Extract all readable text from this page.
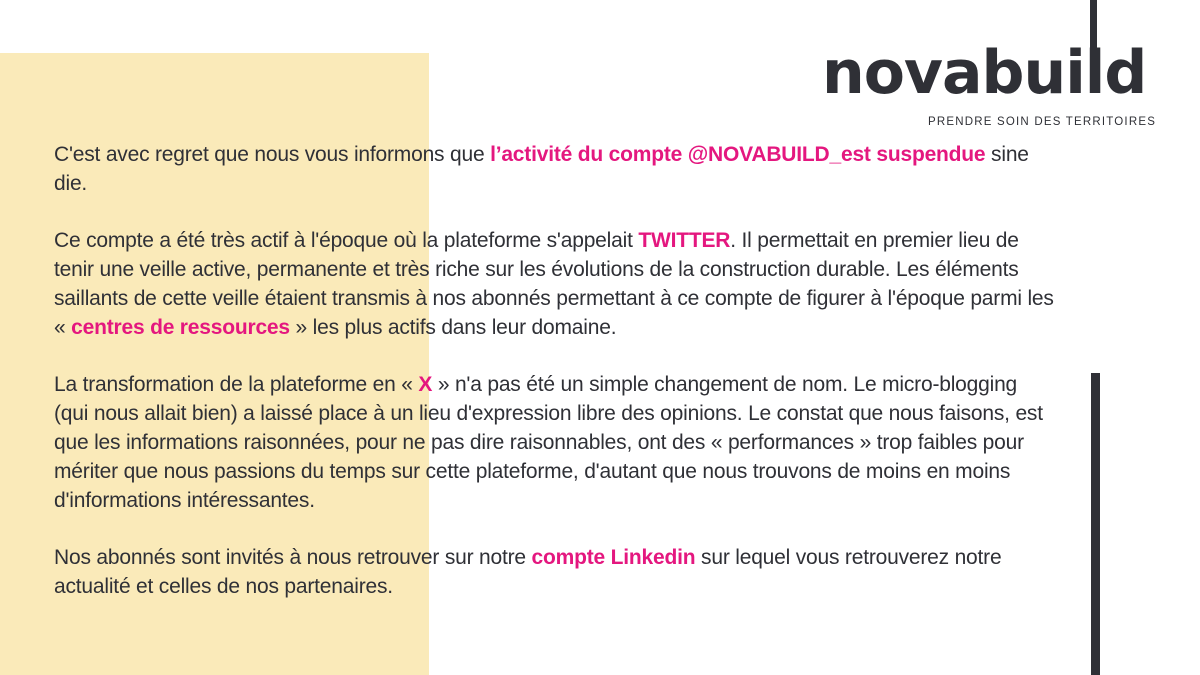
novabuild
PRENDRE SOIN DES TERRITOIRES

C'est avec regret que nous vous informons que l’activité du compte @NOVABUILD_est suspendue sine die.

Ce compte a été très actif à l'époque où la plateforme s'appelait TWITTER. Il permettait en premier lieu de tenir une veille active, permanente et très riche sur les évolutions de la construction durable. Les éléments saillants de cette veille étaient transmis à nos abonnés permettant à ce compte de figurer à l'époque parmi les « centres de ressources » les plus actifs dans leur domaine.

La transformation de la plateforme en « X » n'a pas été un simple changement de nom. Le micro-blogging (qui nous allait bien) a laissé place à un lieu d'expression libre des opinions. Le constat que nous faisons, est que les informations raisonnées, pour ne pas dire raisonnables, ont des « performances » trop faibles pour mériter que nous passions du temps sur cette plateforme, d'autant que nous trouvons de moins en moins d'informations intéressantes.

Nos abonnés sont invités à nous retrouver sur notre compte Linkedin sur lequel vous retrouverez notre actualité et celles de nos partenaires.
